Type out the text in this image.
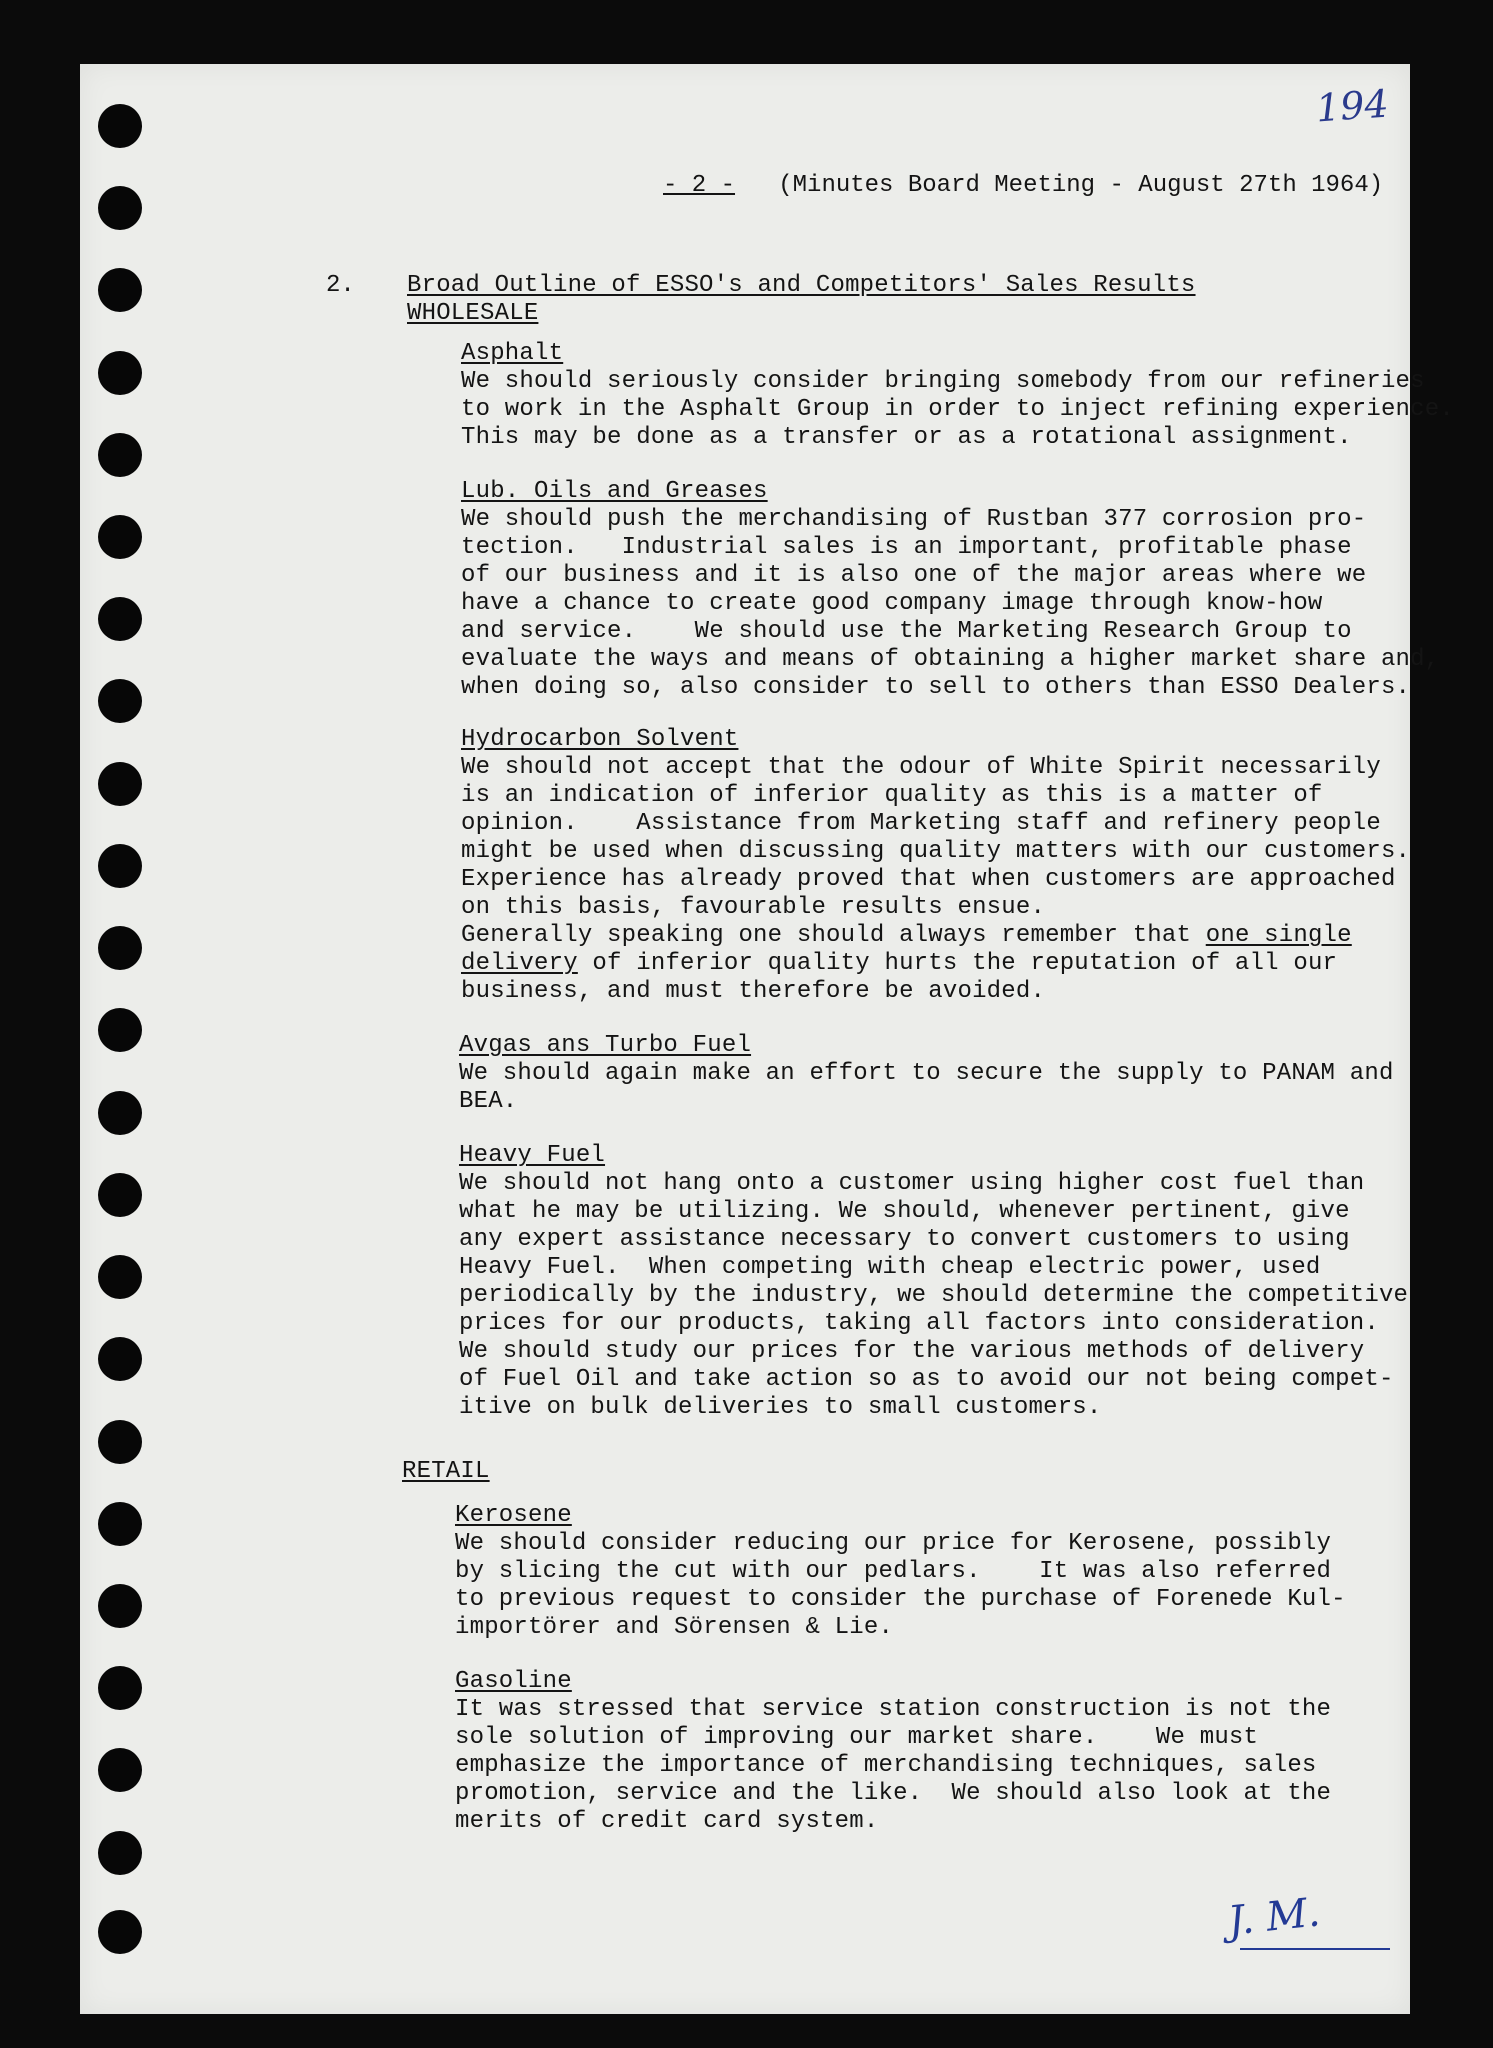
194
- 2 - (Minutes Board Meeting - August 27th 1964)
2. Broad Outline of ESSO's and Competitors' Sales Results
WHOLESALE
Asphalt
We should seriously consider bringing somebody from our refineries
to work in the Asphalt Group in order to inject refining experience.
This may be done as a transfer or as a rotational assignment.
Lub. Oils and Greases
We should push the merchandising of Rustban 377 corrosion pro-
tection.   Industrial sales is an important, profitable phase
of our business and it is also one of the major areas where we
have a chance to create good company image through know-how
and service.    We should use the Marketing Research Group to
evaluate the ways and means of obtaining a higher market share and,
when doing so, also consider to sell to others than ESSO Dealers.
Hydrocarbon Solvent
We should not accept that the odour of White Spirit necessarily
is an indication of inferior quality as this is a matter of
opinion.    Assistance from Marketing staff and refinery people
might be used when discussing quality matters with our customers.
Experience has already proved that when customers are approached
on this basis, favourable results ensue.
Generally speaking one should always remember that one single
delivery of inferior quality hurts the reputation of all our
business, and must therefore be avoided.
Avgas ans Turbo Fuel
We should again make an effort to secure the supply to PANAM and
BEA.
Heavy Fuel
We should not hang onto a customer using higher cost fuel than
what he may be utilizing. We should, whenever pertinent, give
any expert assistance necessary to convert customers to using
Heavy Fuel.  When competing with cheap electric power, used
periodically by the industry, we should determine the competitive
prices for our products, taking all factors into consideration.
We should study our prices for the various methods of delivery
of Fuel Oil and take action so as to avoid our not being compet-
itive on bulk deliveries to small customers.
RETAIL
Kerosene
We should consider reducing our price for Kerosene, possibly
by slicing the cut with our pedlars.    It was also referred
to previous request to consider the purchase of Forenede Kul-
importörer and Sörensen & Lie.
Gasoline
It was stressed that service station construction is not the
sole solution of improving our market share.    We must
emphasize the importance of merchandising techniques, sales
promotion, service and the like.  We should also look at the
merits of credit card system.
J. M.
